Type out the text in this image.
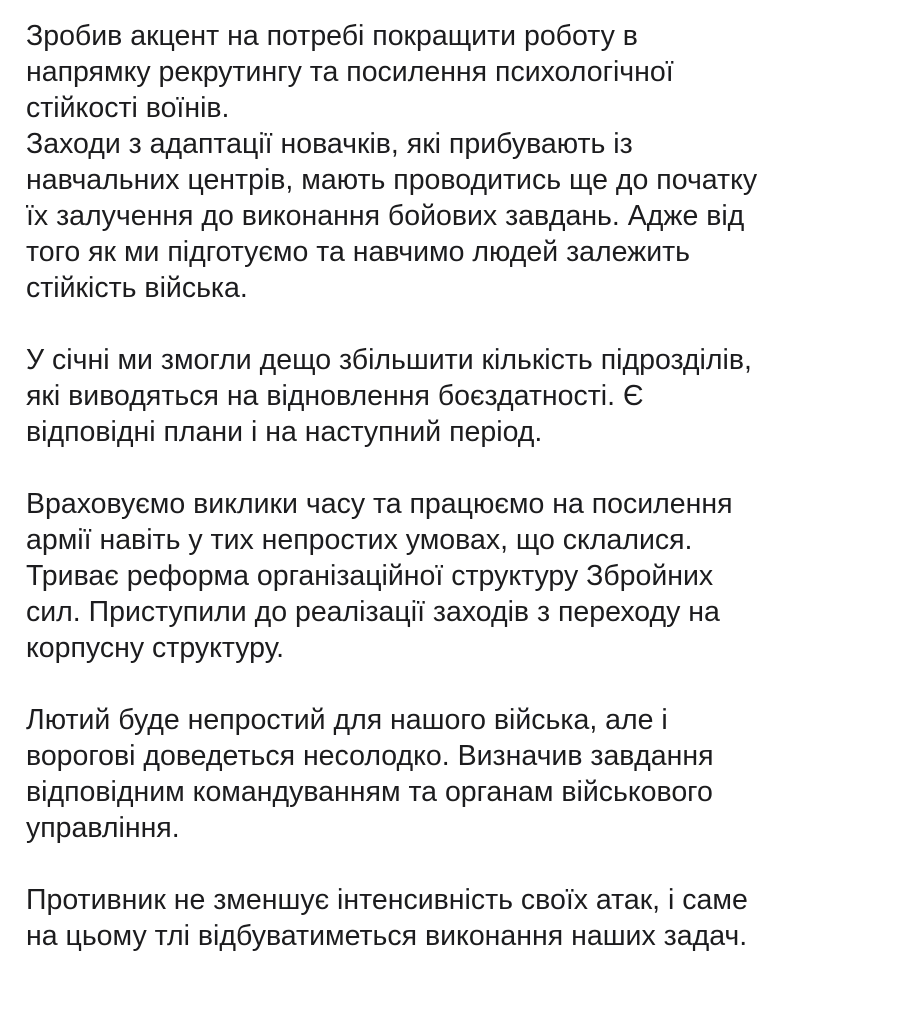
Зробив акцент на потребі покращити роботу в
напрямку рекрутингу та посилення психологічної
стійкості воїнів.
Заходи з адаптації новачків, які прибувають із
навчальних центрів, мають проводитись ще до початку
їх залучення до виконання бойових завдань. Адже від
того як ми підготуємо та навчимо людей залежить
стійкість війська.
У січні ми змогли дещо збільшити кількість підрозділів,
які виводяться на відновлення боєздатності. Є
відповідні плани і на наступний період.
Враховуємо виклики часу та працюємо на посилення
армії навіть у тих непростих умовах, що склалися.
Триває реформа організаційної структуру Збройних
сил. Приступили до реалізації заходів з переходу на
корпусну структуру.
Лютий буде непростий для нашого війська, але і
ворогові доведеться несолодко. Визначив завдання
відповідним командуванням та органам військового
управління.
Противник не зменшує інтенсивність своїх атак, і саме
на цьому тлі відбуватиметься виконання наших задач.
